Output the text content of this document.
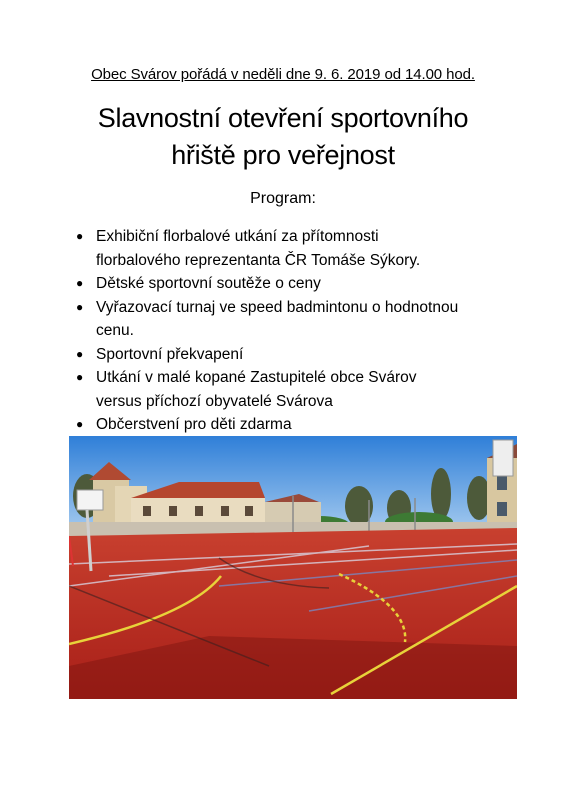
Obec Svárov pořádá v neděli dne 9. 6. 2019 od 14.00 hod.
Slavnostní otevření sportovního
hřiště pro veřejnost
Program:
● Exhibiční florbalové utkání za přítomnosti
florbalového reprezentanta ČR Tomáše Sýkory.
● Dětské sportovní soutěže o ceny
● Vyřazovací turnaj ve speed badmintonu o hodnotnou
cenu.
● Sportovní překvapení
● Utkání v malé kopané Zastupitelé obce Svárov
versus příchozí obyvatelé Svárova
● Občerstvení pro děti zdarma
